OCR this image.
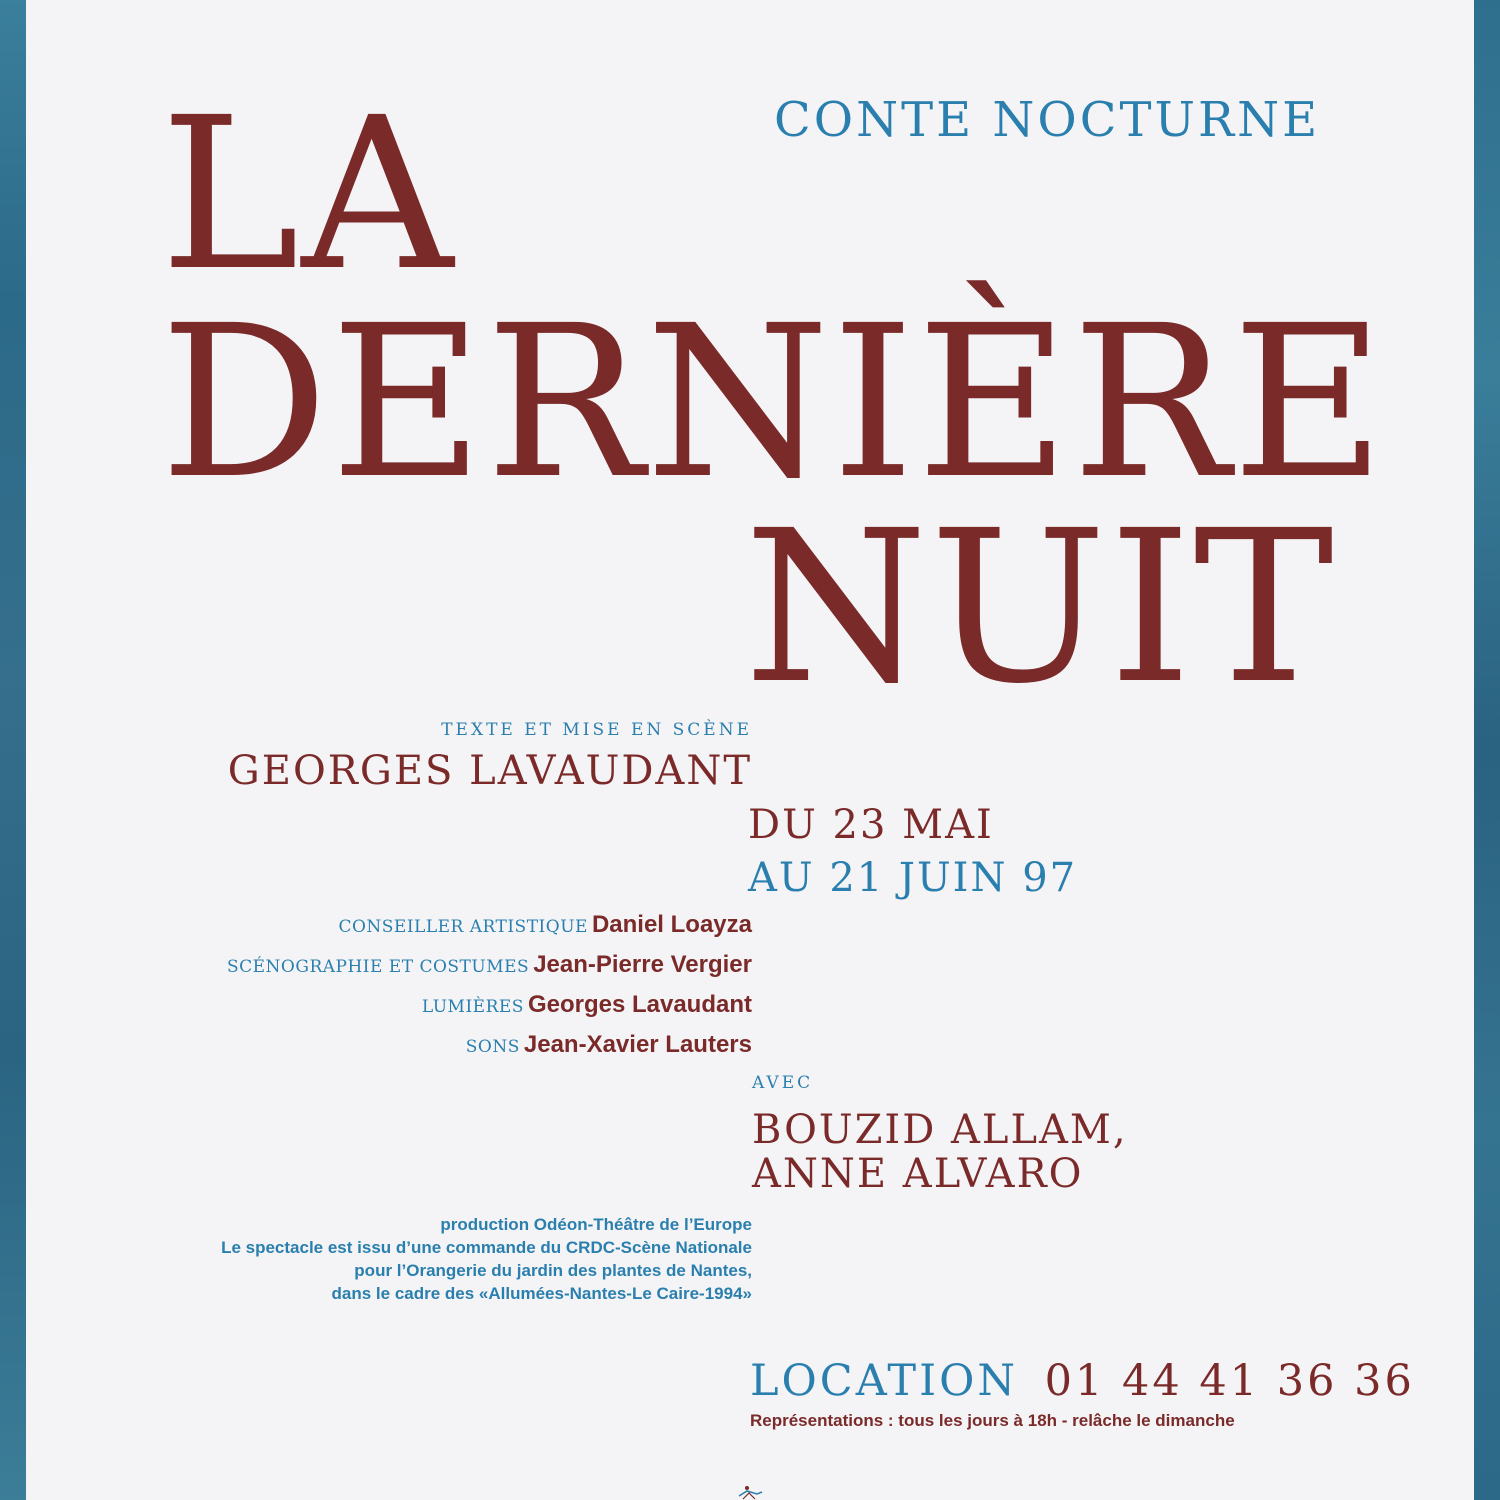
CONTE NOCTURNE
LA
DERNIÈRE
NUIT
TEXTE ET MISE EN SCÈNE
GEORGES LAVAUDANT
DU 23 MAI
AU 21 JUIN 97
CONSEILLER ARTISTIQUE Daniel Loayza
SCÉNOGRAPHIE ET COSTUMES Jean-Pierre Vergier
LUMIÈRES Georges Lavaudant
SONS Jean-Xavier Lauters
AVEC
BOUZID ALLAM,
ANNE ALVARO
production Odéon-Théâtre de l’Europe
Le spectacle est issu d’une commande du CRDC-Scène Nationale
pour l’Orangerie du jardin des plantes de Nantes,
dans le cadre des «Allumées-Nantes-Le Caire-1994»
LOCATION 01 44 41 36 36
Représentations : tous les jours à 18h - relâche le dimanche
